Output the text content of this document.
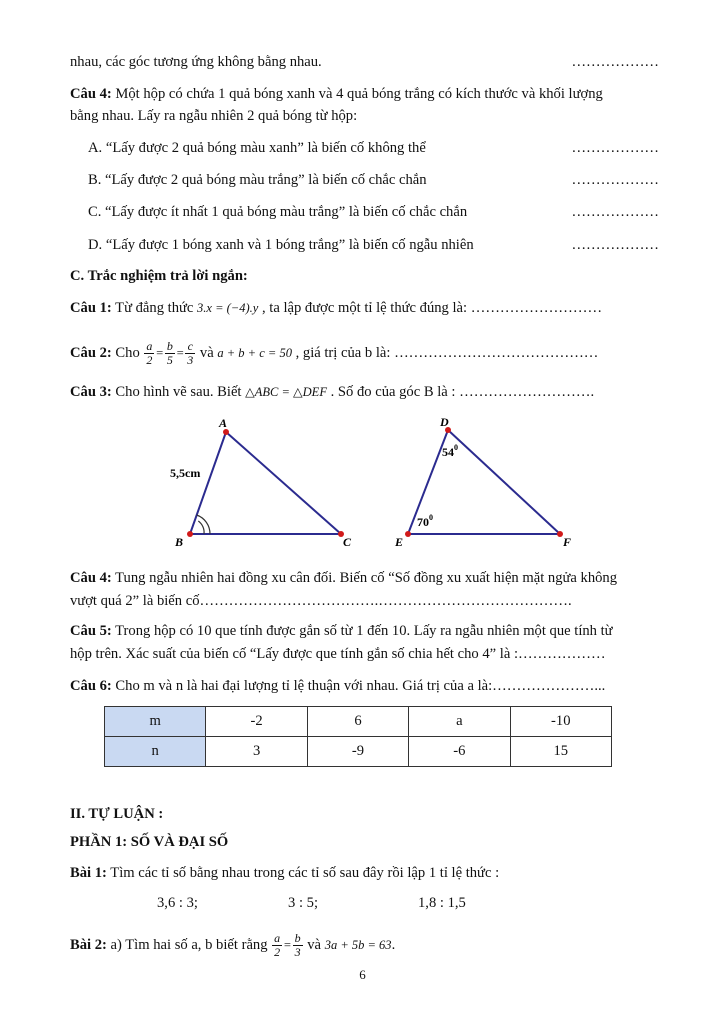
nhau, các góc tương ứng không bằng nhau.	………………
Câu 4: Một hộp có chứa 1 quả bóng xanh và 4 quả bóng trắng có kích thước và khối lượng
bằng nhau. Lấy ra ngẫu nhiên 2 quả bóng từ hộp:
A. “Lấy được 2 quả bóng màu xanh” là biến cố không thể	………………
B. “Lấy được 2 quả bóng màu trắng” là biến cố chắc chắn	………………
C. “Lấy được ít nhất 1 quả bóng màu trắng” là biến cố chắc chắn	………………
D. “Lấy được 1 bóng xanh và 1 bóng trắng” là biến cố ngẫu nhiên	………………
C. Trắc nghiệm trả lời ngắn:
Câu 1: Từ đẳng thức 3.x = (−4).y , ta lập được một tỉ lệ thức đúng là: ………………………
Câu 2: Cho $\frac{a}{2} = \frac{b}{5} = \frac{c}{3}$ và a + b + c = 50 , giá trị của b là: ……………………………………
Câu 3: Cho hình vẽ sau. Biết △ABC = △DEF . Số đo của góc B là : ……………………….
A
B	C
5,5cm
D
E	F
$54^0$
$70^0$
Câu 4: Tung ngẫu nhiên hai đồng xu cân đối. Biến cố “Số đồng xu xuất hiện mặt ngửa không
vượt quá 2” là biến cố……………………………….………………………………….
Câu 5: Trong hộp có 10 que tính được gắn số từ 1 đến 10. Lấy ra ngẫu nhiên một que tính từ
hộp trên. Xác suất của biến cố “Lấy được que tính gắn số chia hết cho 4” là :………………
Câu 6: Cho m và n là hai đại lượng tỉ lệ thuận với nhau. Giá trị của a là:…………………...
m	-2	6	a	-10
n	3	-9	-6	15
II. TỰ LUẬN :
PHẦN 1: SỐ VÀ ĐẠI SỐ
Bài 1: Tìm các tỉ số bằng nhau trong các tỉ số sau đây rồi lập 1 tỉ lệ thức :
3,6 : 3;	3 : 5;	1,8 : 1,5
Bài 2: a) Tìm hai số a, b biết rằng $\frac{a}{2} = \frac{b}{3}$ và 3a + 5b = 63.
6
